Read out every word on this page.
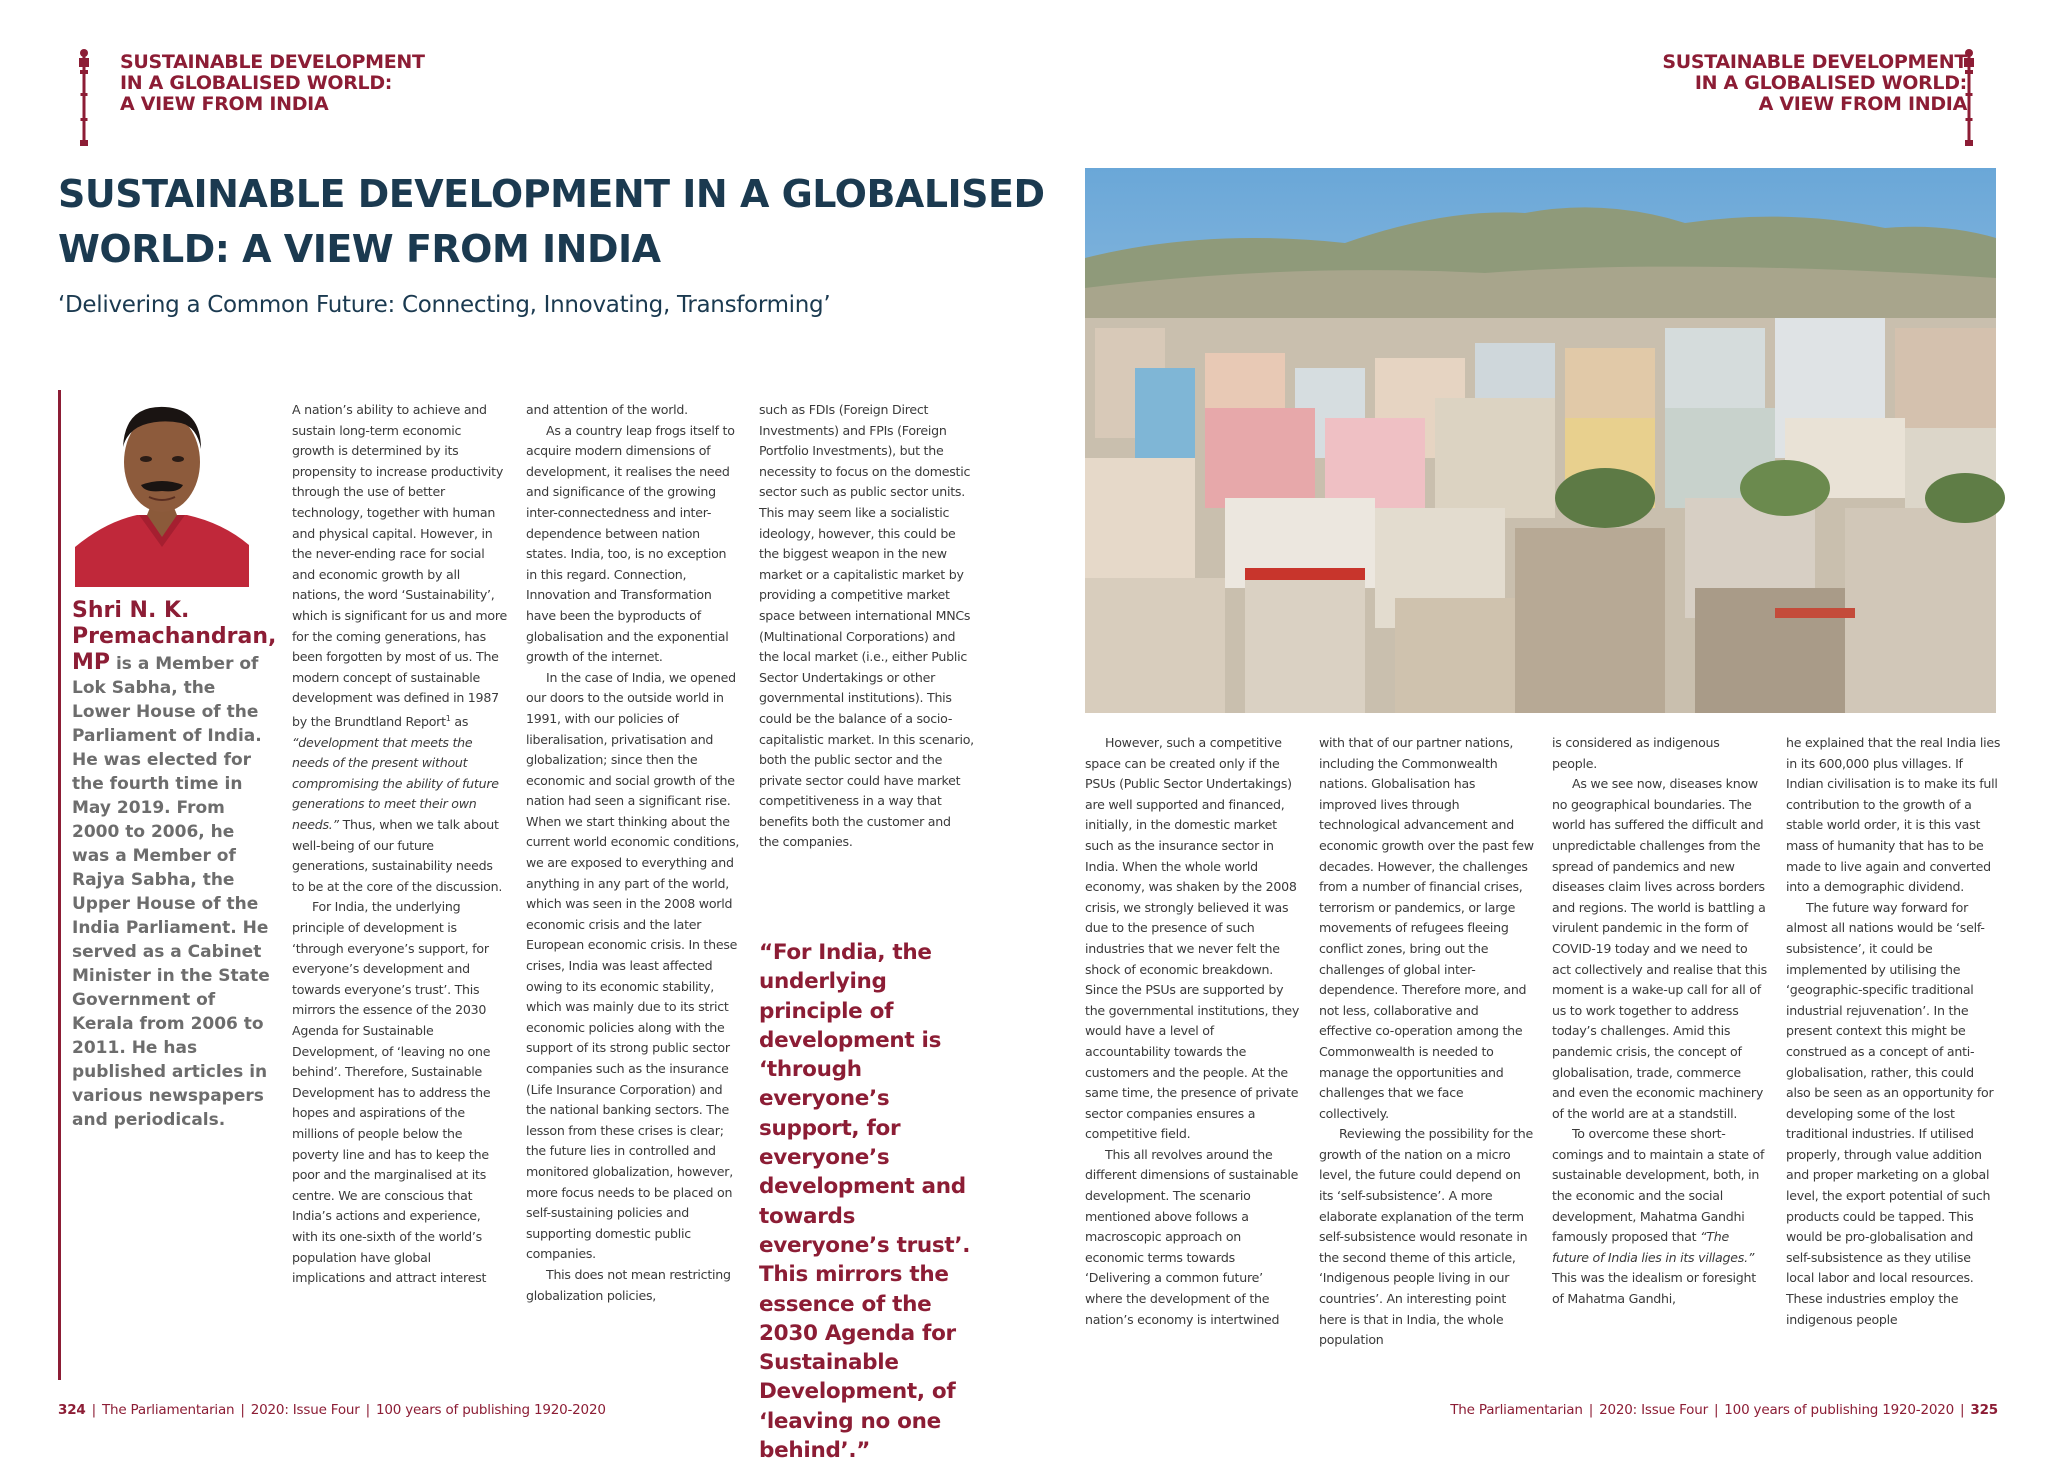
SUSTAINABLE DEVELOPMENT
IN A GLOBALISED WORLD:
A VIEW FROM INDIA
SUSTAINABLE DEVELOPMENT
IN A GLOBALISED WORLD:
A VIEW FROM INDIA
SUSTAINABLE DEVELOPMENT IN A GLOBALISED
WORLD: A VIEW FROM INDIA
‘Delivering a Common Future: Connecting, Innovating, Transforming’
Shri N. K. Premachandran, MP is a Member of Lok Sabha, the Lower House of the Parliament of India. He was elected for the fourth time in May 2019. From 2000 to 2006, he was a Member of Rajya Sabha, the Upper House of the India Parliament. He served as a Cabinet Minister in the State Government of Kerala from 2006 to 2011. He has published articles in various newspapers and periodicals.

A nation’s ability to achieve and sustain long-term economic growth is determined by its propensity to increase productivity through the use of better technology, together with human and physical capital. However, in the never-ending race for social and economic growth by all nations, the word ‘Sustainability’, which is significant for us and more for the coming generations, has been forgotten by most of us. The modern concept of sustainable development was defined in 1987 by the Brundtland Report$^1$ as “development that meets the needs of the present without compromising the ability of future generations to meet their own needs.” Thus, when we talk about well-being of our future generations, sustainability needs to be at the core of the discussion.

For India, the underlying principle of development is ‘through everyone’s support, for everyone’s development and towards everyone’s trust’. This mirrors the essence of the 2030 Agenda for Sustainable Development, of ‘leaving no one behind’. Therefore, Sustainable Development has to address the hopes and aspirations of the millions of people below the poverty line and has to keep the poor and the marginalised at its centre. We are conscious that India’s actions and experience, with its one-sixth of the world’s population have global implications and attract interest

and attention of the world.

As a country leap frogs itself to acquire modern dimensions of development, it realises the need and significance of the growing inter-connectedness and inter-dependence between nation states. India, too, is no exception in this regard. Connection, Innovation and Transformation have been the byproducts of globalisation and the exponential growth of the internet.

In the case of India, we opened our doors to the outside world in 1991, with our policies of liberalisation, privatisation and globalization; since then the economic and social growth of the nation had seen a significant rise. When we start thinking about the current world economic conditions, we are exposed to everything and anything in any part of the world, which was seen in the 2008 world economic crisis and the later European economic crisis. In these crises, India was least affected owing to its economic stability, which was mainly due to its strict economic policies along with the support of its strong public sector companies such as the insurance (Life Insurance Corporation) and the national banking sectors. The lesson from these crises is clear; the future lies in controlled and monitored globalization, however, more focus needs to be placed on self-sustaining policies and supporting domestic public companies.

This does not mean restricting globalization policies,

such as FDIs (Foreign Direct Investments) and FPIs (Foreign Portfolio Investments), but the necessity to focus on the domestic sector such as public sector units. This may seem like a socialistic ideology, however, this could be the biggest weapon in the new market or a capitalistic market by providing a competitive market space between international MNCs (Multinational Corporations) and the local market (i.e., either Public Sector Undertakings or other governmental institutions). This could be the balance of a socio-capitalistic market. In this scenario, both the public sector and the private sector could have market competitiveness in a way that benefits both the customer and the companies.

“For India, the underlying principle of development is ‘through everyone’s support, for everyone’s development and towards everyone’s trust’. This mirrors the essence of the 2030 Agenda for Sustainable Development, of ‘leaving no one behind’.”

However, such a competitive space can be created only if the PSUs (Public Sector Undertakings) are well supported and financed, initially, in the domestic market such as the insurance sector in India. When the whole world economy, was shaken by the 2008 crisis, we strongly believed it was due to the presence of such industries that we never felt the shock of economic breakdown. Since the PSUs are supported by the governmental institutions, they would have a level of accountability towards the customers and the people. At the same time, the presence of private sector companies ensures a competitive field.

This all revolves around the different dimensions of sustainable development. The scenario mentioned above follows a macroscopic approach on economic terms towards ‘Delivering a common future’ where the development of the nation’s economy is intertwined

with that of our partner nations, including the Commonwealth nations. Globalisation has improved lives through technological advancement and economic growth over the past few decades. However, the challenges from a number of financial crises, terrorism or pandemics, or large movements of refugees fleeing conflict zones, bring out the challenges of global inter-dependence. Therefore more, and not less, collaborative and effective co-operation among the Commonwealth is needed to manage the opportunities and challenges that we face collectively.

Reviewing the possibility for the growth of the nation on a micro level, the future could depend on its ‘self-subsistence’. A more elaborate explanation of the term self-subsistence would resonate in the second theme of this article, ‘Indigenous people living in our countries’. An interesting point here is that in India, the whole population

is considered as indigenous people.

As we see now, diseases know no geographical boundaries. The world has suffered the difficult and unpredictable challenges from the spread of pandemics and new diseases claim lives across borders and regions. The world is battling a virulent pandemic in the form of COVID-19 today and we need to act collectively and realise that this moment is a wake-up call for all of us to work together to address today’s challenges. Amid this pandemic crisis, the concept of globalisation, trade, commerce and even the economic machinery of the world are at a standstill.

To overcome these short-comings and to maintain a state of sustainable development, both, in the economic and the social development, Mahatma Gandhi famously proposed that “The future of India lies in its villages.” This was the idealism or foresight of Mahatma Gandhi,

he explained that the real India lies in its 600,000 plus villages. If Indian civilisation is to make its full contribution to the growth of a stable world order, it is this vast mass of humanity that has to be made to live again and converted into a demographic dividend.

The future way forward for almost all nations would be ‘self-subsistence’, it could be implemented by utilising the ‘geographic-specific traditional industrial rejuvenation’. In the present context this might be construed as a concept of anti-globalisation, rather, this could also be seen as an opportunity for developing some of the lost traditional industries. If utilised properly, through value addition and proper marketing on a global level, the export potential of such products could be tapped. This would be pro-globalisation and self-subsistence as they utilise local labor and local resources. These industries employ the indigenous people

324 | The Parliamentarian | 2020: Issue Four | 100 years of publishing 1920-2020	The Parliamentarian | 2020: Issue Four | 100 years of publishing 1920-2020 | 325
